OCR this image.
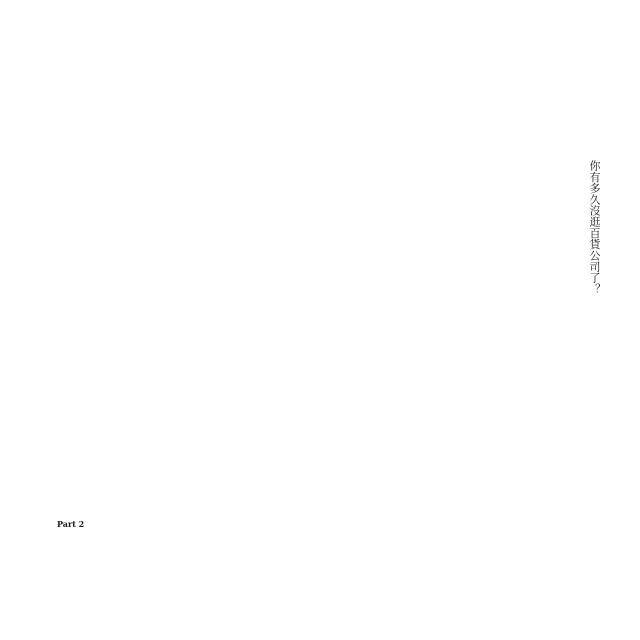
你有多久沒逛百貨公司了？
Part 2
